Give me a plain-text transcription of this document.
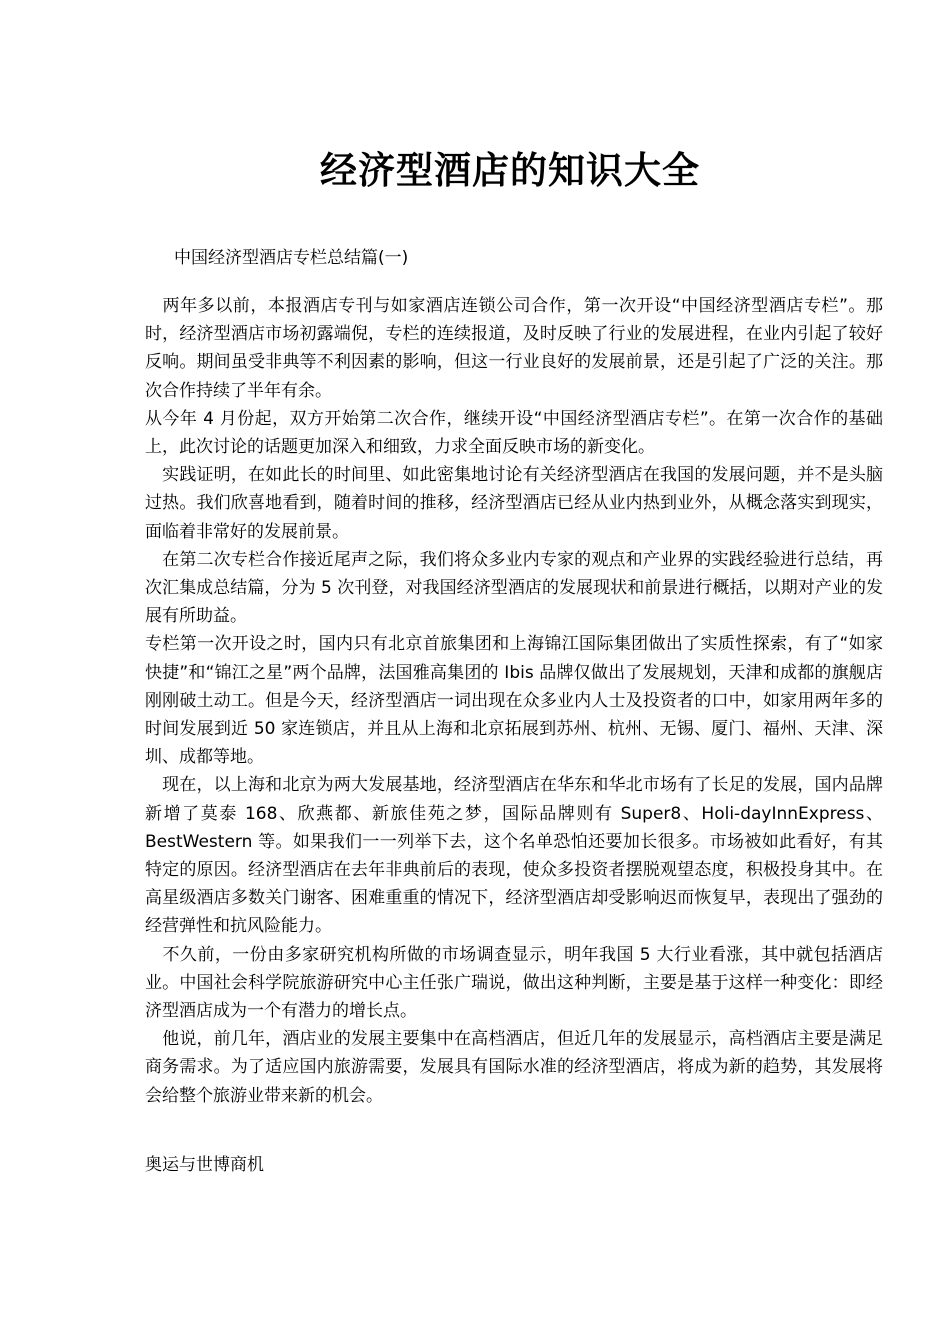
经济型酒店的知识大全

中国经济型酒店专栏总结篇(一)

　两年多以前，本报酒店专刊与如家酒店连锁公司合作，第一次开设“中国经济型酒店专栏”。那时，经济型酒店市场初露端倪，专栏的连续报道，及时反映了行业的发展进程，在业内引起了较好反响。期间虽受非典等不利因素的影响，但这一行业良好的发展前景，还是引起了广泛的关注。那次合作持续了半年有余。

从今年 4 月份起，双方开始第二次合作，继续开设“中国经济型酒店专栏”。在第一次合作的基础上，此次讨论的话题更加深入和细致，力求全面反映市场的新变化。

　实践证明，在如此长的时间里、如此密集地讨论有关经济型酒店在我国的发展问题，并不是头脑过热。我们欣喜地看到，随着时间的推移，经济型酒店已经从业内热到业外，从概念落实到现实，面临着非常好的发展前景。

　在第二次专栏合作接近尾声之际，我们将众多业内专家的观点和产业界的实践经验进行总结，再次汇集成总结篇，分为 5 次刊登，对我国经济型酒店的发展现状和前景进行概括，以期对产业的发展有所助益。

专栏第一次开设之时，国内只有北京首旅集团和上海锦江国际集团做出了实质性探索，有了“如家快捷”和“锦江之星”两个品牌，法国雅高集团的 Ibis 品牌仅做出了发展规划，天津和成都的旗舰店刚刚破土动工。但是今天，经济型酒店一词出现在众多业内人士及投资者的口中，如家用两年多的时间发展到近 50 家连锁店，并且从上海和北京拓展到苏州、杭州、无锡、厦门、福州、天津、深圳、成都等地。

　现在，以上海和北京为两大发展基地，经济型酒店在华东和华北市场有了长足的发展，国内品牌新增了莫泰 168、欣燕都、新旅佳苑之梦，国际品牌则有 Super8、Holi-dayInnExpress、BestWestern 等。如果我们一一列举下去，这个名单恐怕还要加长很多。市场被如此看好，有其特定的原因。经济型酒店在去年非典前后的表现，使众多投资者摆脱观望态度，积极投身其中。在高星级酒店多数关门谢客、困难重重的情况下，经济型酒店却受影响迟而恢复早，表现出了强劲的经营弹性和抗风险能力。

　不久前，一份由多家研究机构所做的市场调查显示，明年我国 5 大行业看涨，其中就包括酒店业。中国社会科学院旅游研究中心主任张广瑞说，做出这种判断，主要是基于这样一种变化：即经济型酒店成为一个有潜力的增长点。

　他说，前几年，酒店业的发展主要集中在高档酒店，但近几年的发展显示，高档酒店主要是满足商务需求。为了适应国内旅游需要，发展具有国际水准的经济型酒店，将成为新的趋势，其发展将会给整个旅游业带来新的机会。

奥运与世博商机
